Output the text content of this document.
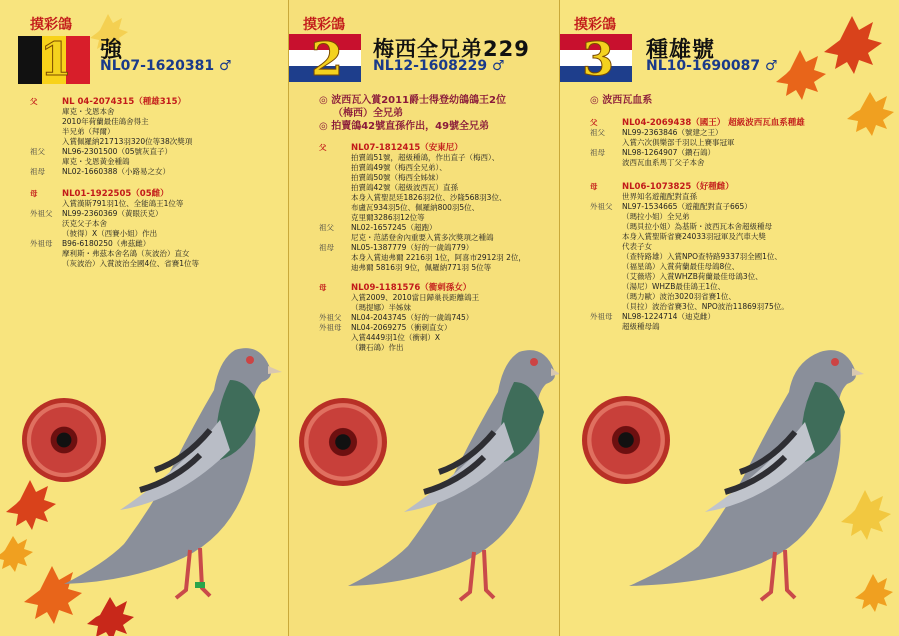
摸彩鴿
1 強
NL07-1620381 ♂
父	NL 04-2074315（種雄315）
庫克・戈恩本舍
2010年荷蘭最佳鴿舍得主
半兄弟（拜爾）
入賞佩羅納21713羽320位等38次獎項
祖父	NL96-2301500（05號灰直子）
庫克・戈恩黃金種鴿
祖母	NL02-1660388（小路易之女）
母	NL01-1922505（05雌）
入賞漢斯791羽1位、全能鴿王1位等
外祖父	NL99-2360369（黃眼沃克）
沃克父子本舍
（彼得）X（西賽小姐）作出
外祖母	B96-6180250（弗茲雌）
摩利斯・弗茲本舍名鴿（灰波治）直女
（灰波治）入賞波治全國4位、省賽1位等
摸彩鴿
2 梅西全兄弟229
NL12-1608229 ♂
◎ 波西瓦入賞2011爵士得登幼鴿鴿王2位
（梅西）全兄弟
◎ 拍賣鴿42號直孫作出，49號全兄弟
父	NL07-1812415（安東尼）
拍賣鴿51號，超級種鴿，作出直子（梅西）、
拍賣鴿49號（梅西全兄弟）、
拍賣鴿50號（梅西全姊妹）
拍賣鴿42號（超級波西瓦）直孫
本身入賞聖昆廷1826羽2位、沙隆568羽3位、
布盧瓦934羽5位、佩羅納800羽5位、
克里爾3286羽12位等
祖父	NL02-1657245（超跑）
尼克・范諾登舍內重要入賞多次獎項之種鴿
祖母	NL05-1387779（好的一歲鴿779）
本身入賞迪弗爾 2216羽 1位，阿喜市2912羽 2位，
迪弗爾 5816羽 9位，佩羅納771羽 5位等
母	NL09-1181576（衝刺孫女）
入賞2009、2010當日歸巢長距離鴿王
（瑪提娜）半姊妹
外祖父	NL04-2043745（好的一歲鴿745）
外祖母	NL04-2069275（衝刺直女）
入賞4449羽1位（衝刺）X
（鑽石鴿）作出
摸彩鴿
3 種雄號
NL10-1690087 ♂
◎ 波西瓦血系
父	NL04-2069438（國王） 超級波西瓦血系種雄
祖父	NL99-2363846（號建之王）
入賞六次俱樂部千羽以上賽事冠軍
祖母	NL98-1264907（鑽石鴿）
波西瓦血系馬丁父子本舍
母	NL06-1073825（好種雌）
世界知名遊龍配對直孫
外祖父	NL97-1534665（遊龍配對直子665）
（瑪拉小姐）全兄弟
（瑪貝拉小姐）為基斯・波西瓦本舍超級種母
本身入賞聖斯省賽24033羽冠軍及汽車大獎
代表子女
（查特路雄）入賞NPO查特路9337羽全國1位、
（福星鴿）入賞荷蘭最佳母鴿8位、
（艾薇塔）入賞WHZB荷蘭最佳母鴿3位、
（湯尼）WHZB最佳鴿王1位、
（瑪力歐）波治3020羽省賽1位、
（貝拉）波治省賽3位、NPO波治11869羽75位。
外祖母	NL98-1224714（迪克雌）
超級種母鴿
